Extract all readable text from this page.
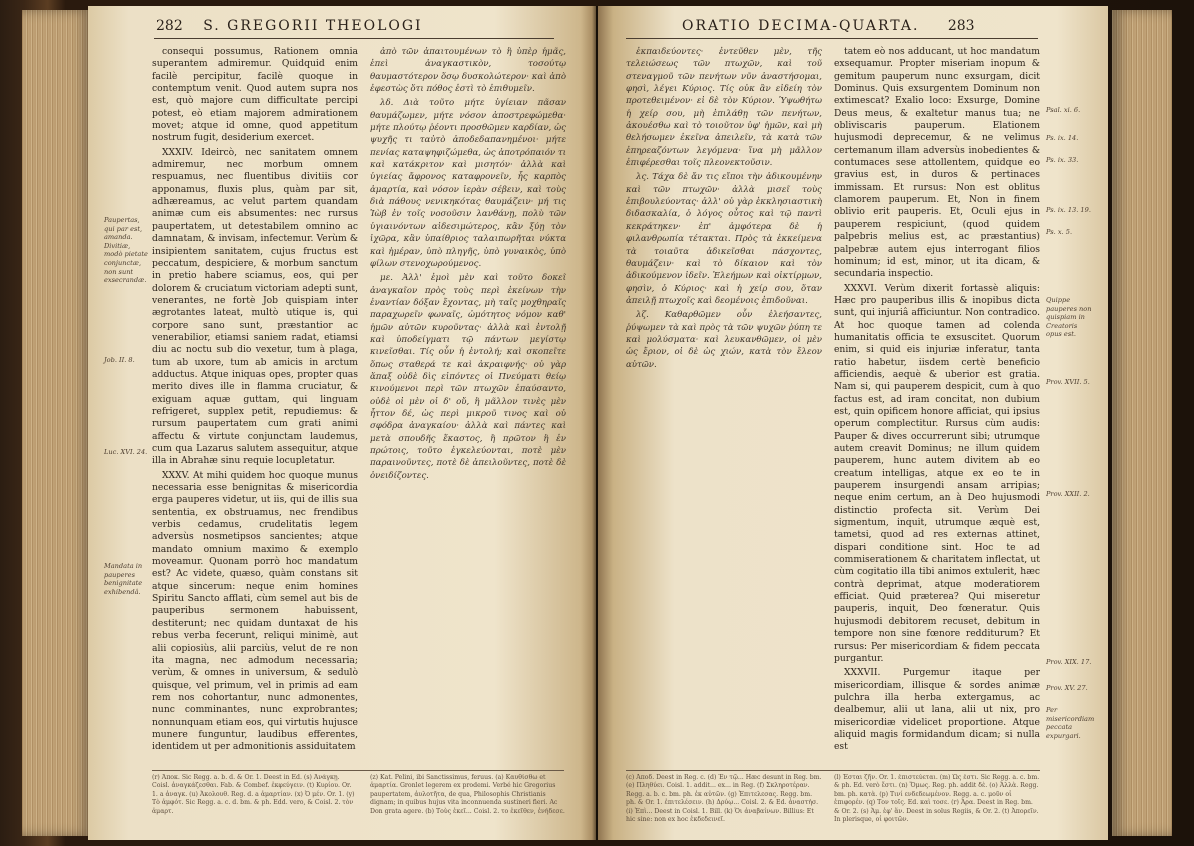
282 S. GREGORII THEOLOGI
Paupertas, qui par est, amanda. Divitiæ, modò pietate conjunctæ, non sunt exsecrandæ.
Job. II. 8.
Luc. XVI. 24.
Mandata in pauperes benignitate exhibendâ.

consequi possumus, Rationem omnia superantem admiremur. Quidquid enim facilè percipitur, facilè quoque in contemptum venit. Quod autem supra nos est, quò majore cum difficultate percipi potest, eò etiam majorem admirationem movet; atque id omne, quod appetitum nostrum fugit, desiderium exercet.

XXXIV. Ideircò, nec sanitatem omnem admiremur, nec morbum omnem respuamus, nec fluentibus divitiis cor apponamus, fluxis plus, quàm par sit, adhæreamus, ac velut partem quandam animæ cum eis absumentes: nec rursus paupertatem, ut detestabilem omnino ac damnatam, & invisam, infectemur. Verùm & insipientem sanitatem, cujus fructus est peccatum, despiciere, & morbum sanctum in pretio habere sciamus, eos, qui per dolorem & cruciatum victoriam adepti sunt, venerantes, ne fortè Job quispiam inter ægrotantes lateat, multò utique is, qui corpore sano sunt, præstantior ac venerabilior, etiamsi saniem radat, etiamsi diu ac noctu sub dio vexetur, tum à plaga, tum ab uxore, tum ab amicis in arctum adductus. Atque iniquas opes, propter quas merito dives ille in flamma cruciatur, & exiguam aquæ guttam, qui linguam refrigeret, supplex petit, repudiemus: & rursum paupertatem cum grati animi affectu & virtute conjunctam laudemus, cum qua Lazarus salutem assequitur, atque illa in Abrahæ sinu requie locupletatur.

XXXV. At mihi quidem hoc quoque munus necessaria esse benignitas & misericordia erga pauperes videtur, ut iis, qui de illis sua sententia, ex obstruamus, nec frendibus verbis cedamus, crudelitatis legem adversùs nosmetipsos sancientes; atque mandato omnium maximo & exemplo moveamur. Quonam porrò hoc mandatum est? Ac videte, quæso, quàm constans sit atque sincerum: neque enim homines Spiritu Sancto afflati, cùm semel aut bis de pauperibus sermonem habuissent, destiterunt; nec quidam duntaxat de his rebus verba fecerunt, reliqui minimè, aut alii copiosiùs, alii parciùs, velut de re non ita magna, nec admodum necessaria; verùm, & omnes in universum, & sedulò quisque, vel primum, vel in primis ad eam rem nos cohortantur, nunc admonentes, nunc comminantes, nunc exprobrantes; nonnunquam etiam eos, qui virtutis hujusce munere funguntur, laudibus efferentes, identidem ut per admonitionis assiduitatem

ἀπὸ τῶν ἀπαιτουμένων τὸ ἢ ὑπὲρ ἡμᾶς, ἑπεὶ ἀναγκαστικὸν, τοσούτῳ θαυμαστότερον ὅσῳ δυσκολώτερον· καὶ ἀπὸ ἐφεστὼς ὅτι πόθος ἐστὶ τὸ ἐπιθυμεῖν.

λδ. Διὰ τοῦτο μήτε ὑγίειαν πᾶσαν θαυμάζωμεν, μήτε νόσον ἀποστρεφώμεθα· μήτε πλούτῳ ῥέοντι προσθῶμεν καρδίαν, ὡς ψυχῆς τι ταὐτὸ ἀποδεδαπανημένοι· μήτε πενίας καταψηφιζώμεθα, ὡς ἀποτρόπαιόν τι καὶ κατάκριτον καὶ μισητόν· ἀλλὰ καὶ ὑγιείας ἄφρονος καταφρονεῖν, ἧς καρπὸς ἁμαρτία, καὶ νόσον ἱερὰν σέβειν, καὶ τοὺς διὰ πάθους νενικηκότας θαυμάζειν· μή τις Ἰὼβ ἐν τοῖς νοσοῦσιν λανθάνῃ, πολὺ τῶν ὑγιαινόντων αἰδεσιμώτερος, κἂν ξύῃ τὸν ἰχῶρα, κἂν ὑπαίθριος ταλαιπωρῆται νύκτα καὶ ἡμέραν, ὑπὸ πληγῆς, ὑπὸ γυναικὸς, ὑπὸ φίλων στενοχωρούμενος.

με. Ἀλλ' ἐμοὶ μὲν καὶ τοῦτο δοκεῖ ἀναγκαῖον πρὸς τοὺς περὶ ἐκείνων τὴν ἐναντίαν δόξαν ἔχοντας, μὴ ταῖς μοχθηραῖς παραχωρεῖν φωναῖς, ὠμότητος νόμον καθ' ἡμῶν αὐτῶν κυροῦντας· ἀλλὰ καὶ ἐντολῇ καὶ ὑποδείγματι τῷ πάντων μεγίστῳ κινεῖσθαι. Τίς οὖν ἡ ἐντολή; καὶ σκοπεῖτε ὅπως σταθερά τε καὶ ἀκραιφνής· οὐ γὰρ ἅπαξ οὐδὲ δὶς εἰπόντες οἱ Πνεύματι θείῳ κινούμενοι περὶ τῶν πτωχῶν ἐπαύσαντο, οὐδὲ οἱ μὲν οἱ δ' οὔ, ἢ μᾶλλον τινὲς μὲν ἧττον δέ, ὡς περὶ μικροῦ τινος καὶ οὐ σφόδρα ἀναγκαίου· ἀλλὰ καὶ πάντες καὶ μετὰ σπουδῆς ἕκαστος, ἢ πρῶτον ἢ ἐν πρώτοις, τοῦτο ἐγκελεύονται, ποτὲ μὲν παραινοῦντες, ποτὲ δὲ ἀπειλοῦντες, ποτὲ δὲ ὀνειδίζοντες.

(r) Ἀποκ. Sic Regg. a. b. d. & Or. 1. Deest in Ed. (s) Ἀνάγκῃ. Coisl. ἀναγκάζεσθαι. Fab. & Combef. ἐκφεύγειν. (t) Κυρίου. Or. 1. a ἀναγκ. (u) Ἀκολουθ. Reg. d. a ἀμαρτίαν. (x) Ὁ μέν. Or. 1. (y) Τὸ ἀμφότ. Sic Regg. a. c. d. bm. & ph. Edd. vero, & Coisl. 2. τὸν ἀμαρτ.
(z) Kat. Pelini, ibi Sanctissimus, feruus. (a) Καυθίσθω et ἀμαρτία. Gronlet legerem ex prodemi. Verbé hic Gregorius paupertatem, ἀυλοτῆτα, de qua, Philosophis Christianis dignam; in quibus hujus vita inconnuenda sustineri fieri. Ac Don grata agere. (b) Τοὺς ἐκεῖ... Coisl. 2. το ἐκεῖθεν, ἐνήδεσε.
ORATIO DECIMA-QUARTA. 283

ἐκπαιδεύοντες· ἐντεῦθεν μὲν, τῆς τελειώσεως τῶν πτωχῶν, καὶ τοῦ στεναγμοῦ τῶν πενήτων νῦν ἀναστήσομαι, φησὶ, λέγει Κύριος. Τίς οὐκ ἂν εἰδείη τὸν προτεθειμένον· εἰ δὲ τὸν Κύριον. Ὑψωθήτω ἡ χείρ σου, μὴ ἐπιλάθῃ τῶν πενήτων, ἀκουέσθω καὶ τὸ τοιοῦτον ὑφ' ἡμῶν, καὶ μὴ θελήσωμεν ἐκεῖνα ἀπειλεῖν, τὰ κατὰ τῶν ἐπηρεαζόντων λεγόμενα· ἵνα μὴ μᾶλλον ἐπιφέρεσθαι τοῖς πλεονεκτοῦσιν.

λς. Τάχα δὲ ἄν τις εἴποι τὴν ἀδικουμένην καὶ τῶν πτωχῶν· ἀλλὰ μισεῖ τοὺς ἐπιβουλεύοντας· ἀλλ' οὐ γὰρ ἐκκλησιαστικὴ διδασκαλία, ὁ λόγος οὗτος καὶ τῷ παντὶ κεκράτηκεν· ἐπ' ἀμφότερα δὲ ἡ φιλανθρωπία τέτακται. Πρὸς τὰ ἐκκείμενα τὰ τοιαῦτα ἀδικεῖσθαι πάσχοντες, θαυμάζειν· καὶ τὸ δίκαιον καὶ τὸν ἀδικούμενον ἰδεῖν. Ἐλεήμων καὶ οἰκτίρμων, φησὶν, ὁ Κύριος· καὶ ἡ χείρ σου, ὅταν ἀπειλῇ πτωχοῖς καὶ δεομένοις ἐπιδοῦναι.

λζ. Καθαρθῶμεν οὖν ἐλεήσαντες, ῥύψωμεν τὰ καὶ πρὸς τὰ τῶν ψυχῶν ῥύπη τε καὶ μολύσματα· καὶ λευκανθῶμεν, οἱ μὲν ὡς ἔριον, οἱ δὲ ὡς χιών, κατὰ τὸν ἔλεον αὐτῶν.

tatem eò nos adducant, ut hoc mandatum exsequamur. Propter miseriam inopum & gemitum pauperum nunc exsurgam, dicit Dominus. Quis exsurgentem Dominum non extimescat? Exalio loco: Exsurge, Domine Deus meus, & exaltetur manus tua; ne obliviscaris pauperum. Elationem hujusmodi deprecemur, & ne velimus certemanum illam adversùs inobedientes & contumaces sese attollentem, quidque eo gravius est, in duros & pertinaces immissam. Et rursus: Non est oblitus clamorem pauperum. Et, Non in finem oblivio erit pauperis. Et, Oculi ejus in pauperem respiciunt, (quod quidem palpebris melius est, ac præstantius) palpebræ autem ejus interrogant filios hominum; id est, minor, ut ita dicam, & secundaria inspectio.

XXXVI. Verùm dixerit fortassè aliquis: Hæc pro pauperibus illis & inopibus dicta sunt, qui injuriâ afficiuntur. Non contradico. At hoc quoque tamen ad colenda humanitatis officia te exsuscitet. Quorum enim, si quid eis injuriæ inferatur, tanta ratio habetur, iisdem certè beneficio afficiendis, aequè & uberior est gratia. Nam si, qui pauperem despicit, cum à quo factus est, ad iram concitat, non dubium est, quin opificem honore afficiat, qui ipsius operum complectitur. Rursus cùm audis: Pauper & dives occurrerunt sibi; utrumque autem creavit Dominus; ne illum quidem pauperem, hunc autem divitem ab eo creatum intelligas, atque ex eo te in pauperem insurgendi ansam arripias; neque enim certum, an à Deo hujusmodi distinctio profecta sit. Verùm Dei sigmentum, inquit, utrumque æquè est, tametsi, quod ad res externas attinet, dispari conditione sint. Hoc te ad commiserationem & charitatem inflectat, ut cùm cogitatio illa tibi animos extulerit, hæc contrà deprimat, atque moderatiorem efficiat. Quid præterea? Qui miseretur pauperis, inquit, Deo fœneratur. Quis hujusmodi debitorem recuset, debitum in tempore non sine fœnore redditurum? Et rursus: Per misericordiam & fidem peccata purgantur.

XXXVII. Purgemur itaque per misericordiam, illisque & sordes animæ pulchra illa herba extergamus, ac dealbemur, alii ut lana, alii ut nix, pro misericordiæ videlicet proportione. Atque aliquid magis formidandum dicam; si nulla est

Psal. xi. 6.
Ps. ix. 14.
Ps. ix. 33.
Ps. ix. 13. 19.
Ps. x. 5.
Quippe pauperes non quispiam in Creatoris opus est.
Prov. XVII. 5.
Prov. XXII. 2.
Prov. XIX. 17.
Prov. XV. 27.
Per misericordiam peccata expurgari.
(c) Ἀποδ. Deest in Reg. c. (d) Ἐν τῷ... Hæc desunt in Reg. bm. (e) Πληθύει. Coisl. 1. addit... ex... in Reg. (f) Σκληροτέραν. Regg. a. b. c. bm. ph. ἐκ αὐτῶν. (g) Ἐπιτελεσας. Regg. bm. ph. & Or. 1. ἐπιτελέσειν. (h) Δρύῳ... Coisl. 2. & Ed. ἀναστήσ. (i) Ἐπὶ... Deest in Coisl. 1. Bill. (k) Ὁι ἀναβαίνων. Billius: Et hic sine: non ex hoc ἐκδεδεινεῖ.
(l) Ἐσται ζῆν. Or. 1. ἐπιστεύεται. (m) Ὡς ἐστι. Sic Regg. a. c. bm. & ph. Ed. verò ἔστι. (n) Ὅμως. Reg. ph. addit δὲ. (o) Ἀλλὰ. Regg. bm. ph. κατὰ. (p) Τινί ενδεδεωμένον. Regg. a. c. μοῦν οἱ ἐπιφορέν. (q) Τον τοῖς. Ed. καὶ τοσε. (r) Ἀρα. Deest in Reg. bm. & Or. 2. (s) Ἀμ. ἐφ' ἅν. Deest in solus Regiis, & Or. 2. (t) Ἀπορεῖν. In plerisque, οἱ φοιτῶν.
